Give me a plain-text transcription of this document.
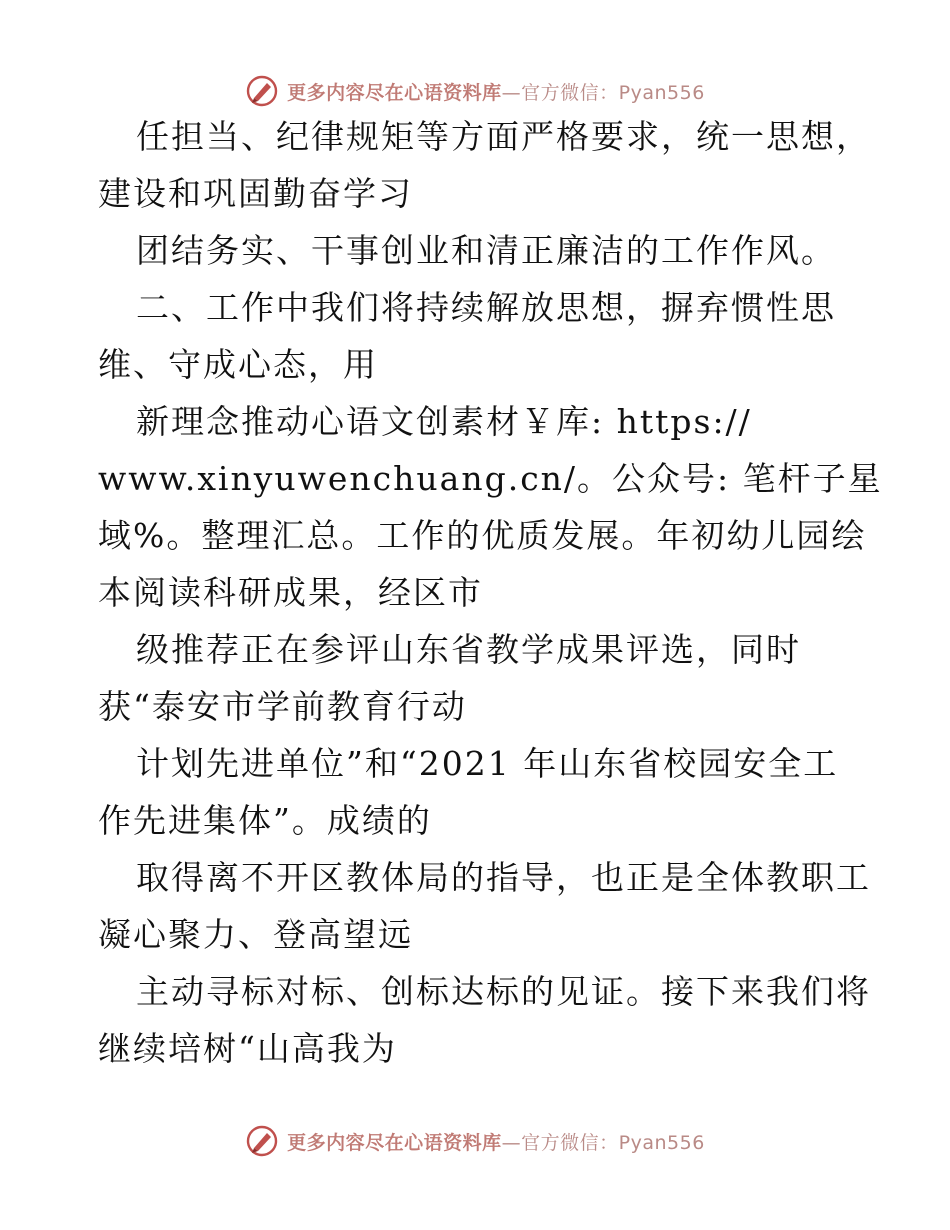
更多内容尽在心语资料库—官方微信：Pyan556
任担当、纪律规矩等方面严格要求，统一思想，
建设和巩固勤奋学习
团结务实、干事创业和清正廉洁的工作作风。
二、工作中我们将持续解放思想，摒弃惯性思
维、守成心态，用
新理念推动心语文创素材￥库: https://
www.xinyuwenchuang.cn/。公众号: 笔杆子星
域%。整理汇总。工作的优质发展。年初幼儿园绘
本阅读科研成果，经区市
级推荐正在参评山东省教学成果评选，同时
获“泰安市学前教育行动
计划先进单位”和“2021 年山东省校园安全工
作先进集体”。成绩的
取得离不开区教体局的指导，也正是全体教职工
凝心聚力、登高望远
主动寻标对标、创标达标的见证。接下来我们将
继续培树“山高我为
更多内容尽在心语资料库—官方微信：Pyan556
